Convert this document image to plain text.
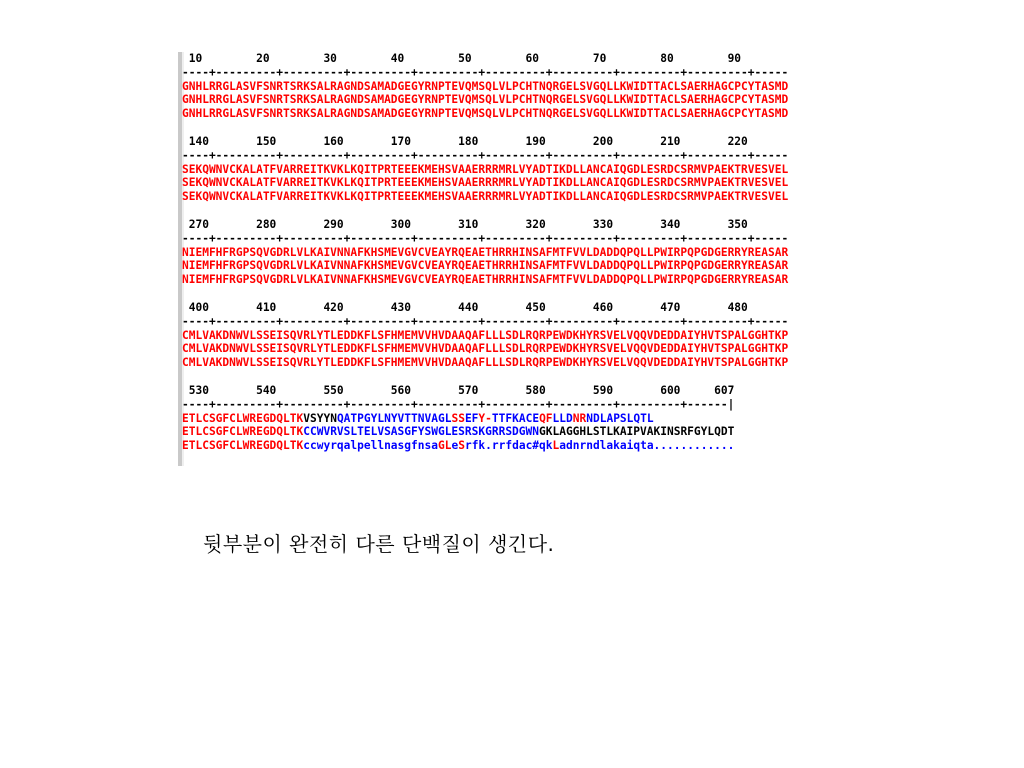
10        20        30        40        50        60        70        80        90
----+---------+---------+---------+---------+---------+---------+---------+---------+-----
GNHLRRGLASVFSNRTSRKSALRAGNDSAMADGEGYRNPTEVQMSQLVLPCHTNQRGELSVGQLLKWIDTTACLSAERHAGCPCYTASMD
GNHLRRGLASVFSNRTSRKSALRAGNDSAMADGEGYRNPTEVQMSQLVLPCHTNQRGELSVGQLLKWIDTTACLSAERHAGCPCYTASMD
GNHLRRGLASVFSNRTSRKSALRAGNDSAMADGEGYRNPTEVQMSQLVLPCHTNQRGELSVGQLLKWIDTTACLSAERHAGCPCYTASMD
140       150       160       170       180       190       200       210       220
----+---------+---------+---------+---------+---------+---------+---------+---------+-----
SEKQWNVCKALATFVARREITKVKLKQITPRTEEEKMEHSVAAERRRMRLVYADTIKDLLANCAIQGDLESRDCSRMVPAEKTRVESVEL
SEKQWNVCKALATFVARREITKVKLKQITPRTEEEKMEHSVAAERRRMRLVYADTIKDLLANCAIQGDLESRDCSRMVPAEKTRVESVEL
SEKQWNVCKALATFVARREITKVKLKQITPRTEEEKMEHSVAAERRRMRLVYADTIKDLLANCAIQGDLESRDCSRMVPAEKTRVESVEL
270       280       290       300       310       320       330       340       350
----+---------+---------+---------+---------+---------+---------+---------+---------+-----
NIEMFHFRGPSQVGDRLVLKAIVNNAFKHSMEVGVCVEAYRQEAETHRRHINSAFMTFVVLDADDQPQLLPWIRPQPGDGERRYREASAR
NIEMFHFRGPSQVGDRLVLKAIVNNAFKHSMEVGVCVEAYRQEAETHRRHINSAFMTFVVLDADDQPQLLPWIRPQPGDGERRYREASAR
NIEMFHFRGPSQVGDRLVLKAIVNNAFKHSMEVGVCVEAYRQEAETHRRHINSAFMTFVVLDADDQPQLLPWIRPQPGDGERRYREASAR
400       410       420       430       440       450       460       470       480
----+---------+---------+---------+---------+---------+---------+---------+---------+-----
CMLVAKDNWVLSSEISQVRLYTLEDDKFLSFHMEMVVHVDAAQAFLLLSDLRQRPEWDKHYRSVELVQQVDEDDAIYHVTSPALGGHTKP
CMLVAKDNWVLSSEISQVRLYTLEDDKFLSFHMEMVVHVDAAQAFLLLSDLRQRPEWDKHYRSVELVQQVDEDDAIYHVTSPALGGHTKP
CMLVAKDNWVLSSEISQVRLYTLEDDKFLSFHMEMVVHVDAAQAFLLLSDLRQRPEWDKHYRSVELVQQVDEDDAIYHVTSPALGGHTKP
530       540       550       560       570       580       590       600     607
----+---------+---------+---------+---------+---------+---------+---------+------|
ETLCSGFCLWREGDQLTKVSYYNQATPGYLNYVTTNVAGLSSEFY-TTFKACEQFLLDNRNDLAPSLQTL
ETLCSGFCLWREGDQLTKCCWVRVSLTELVSASGFYSWGLESRSKGRRSDGWNGKLAGGHLSTLKAIPVAKINSRFGYLQDT
ETLCSGFCLWREGDQLTKccwyrqalpellnasgfnsaGLeSrfk.rrfdac#qkLadnrndlakaiqta............
뒷부분이 완전히 다른 단백질이 생긴다.
